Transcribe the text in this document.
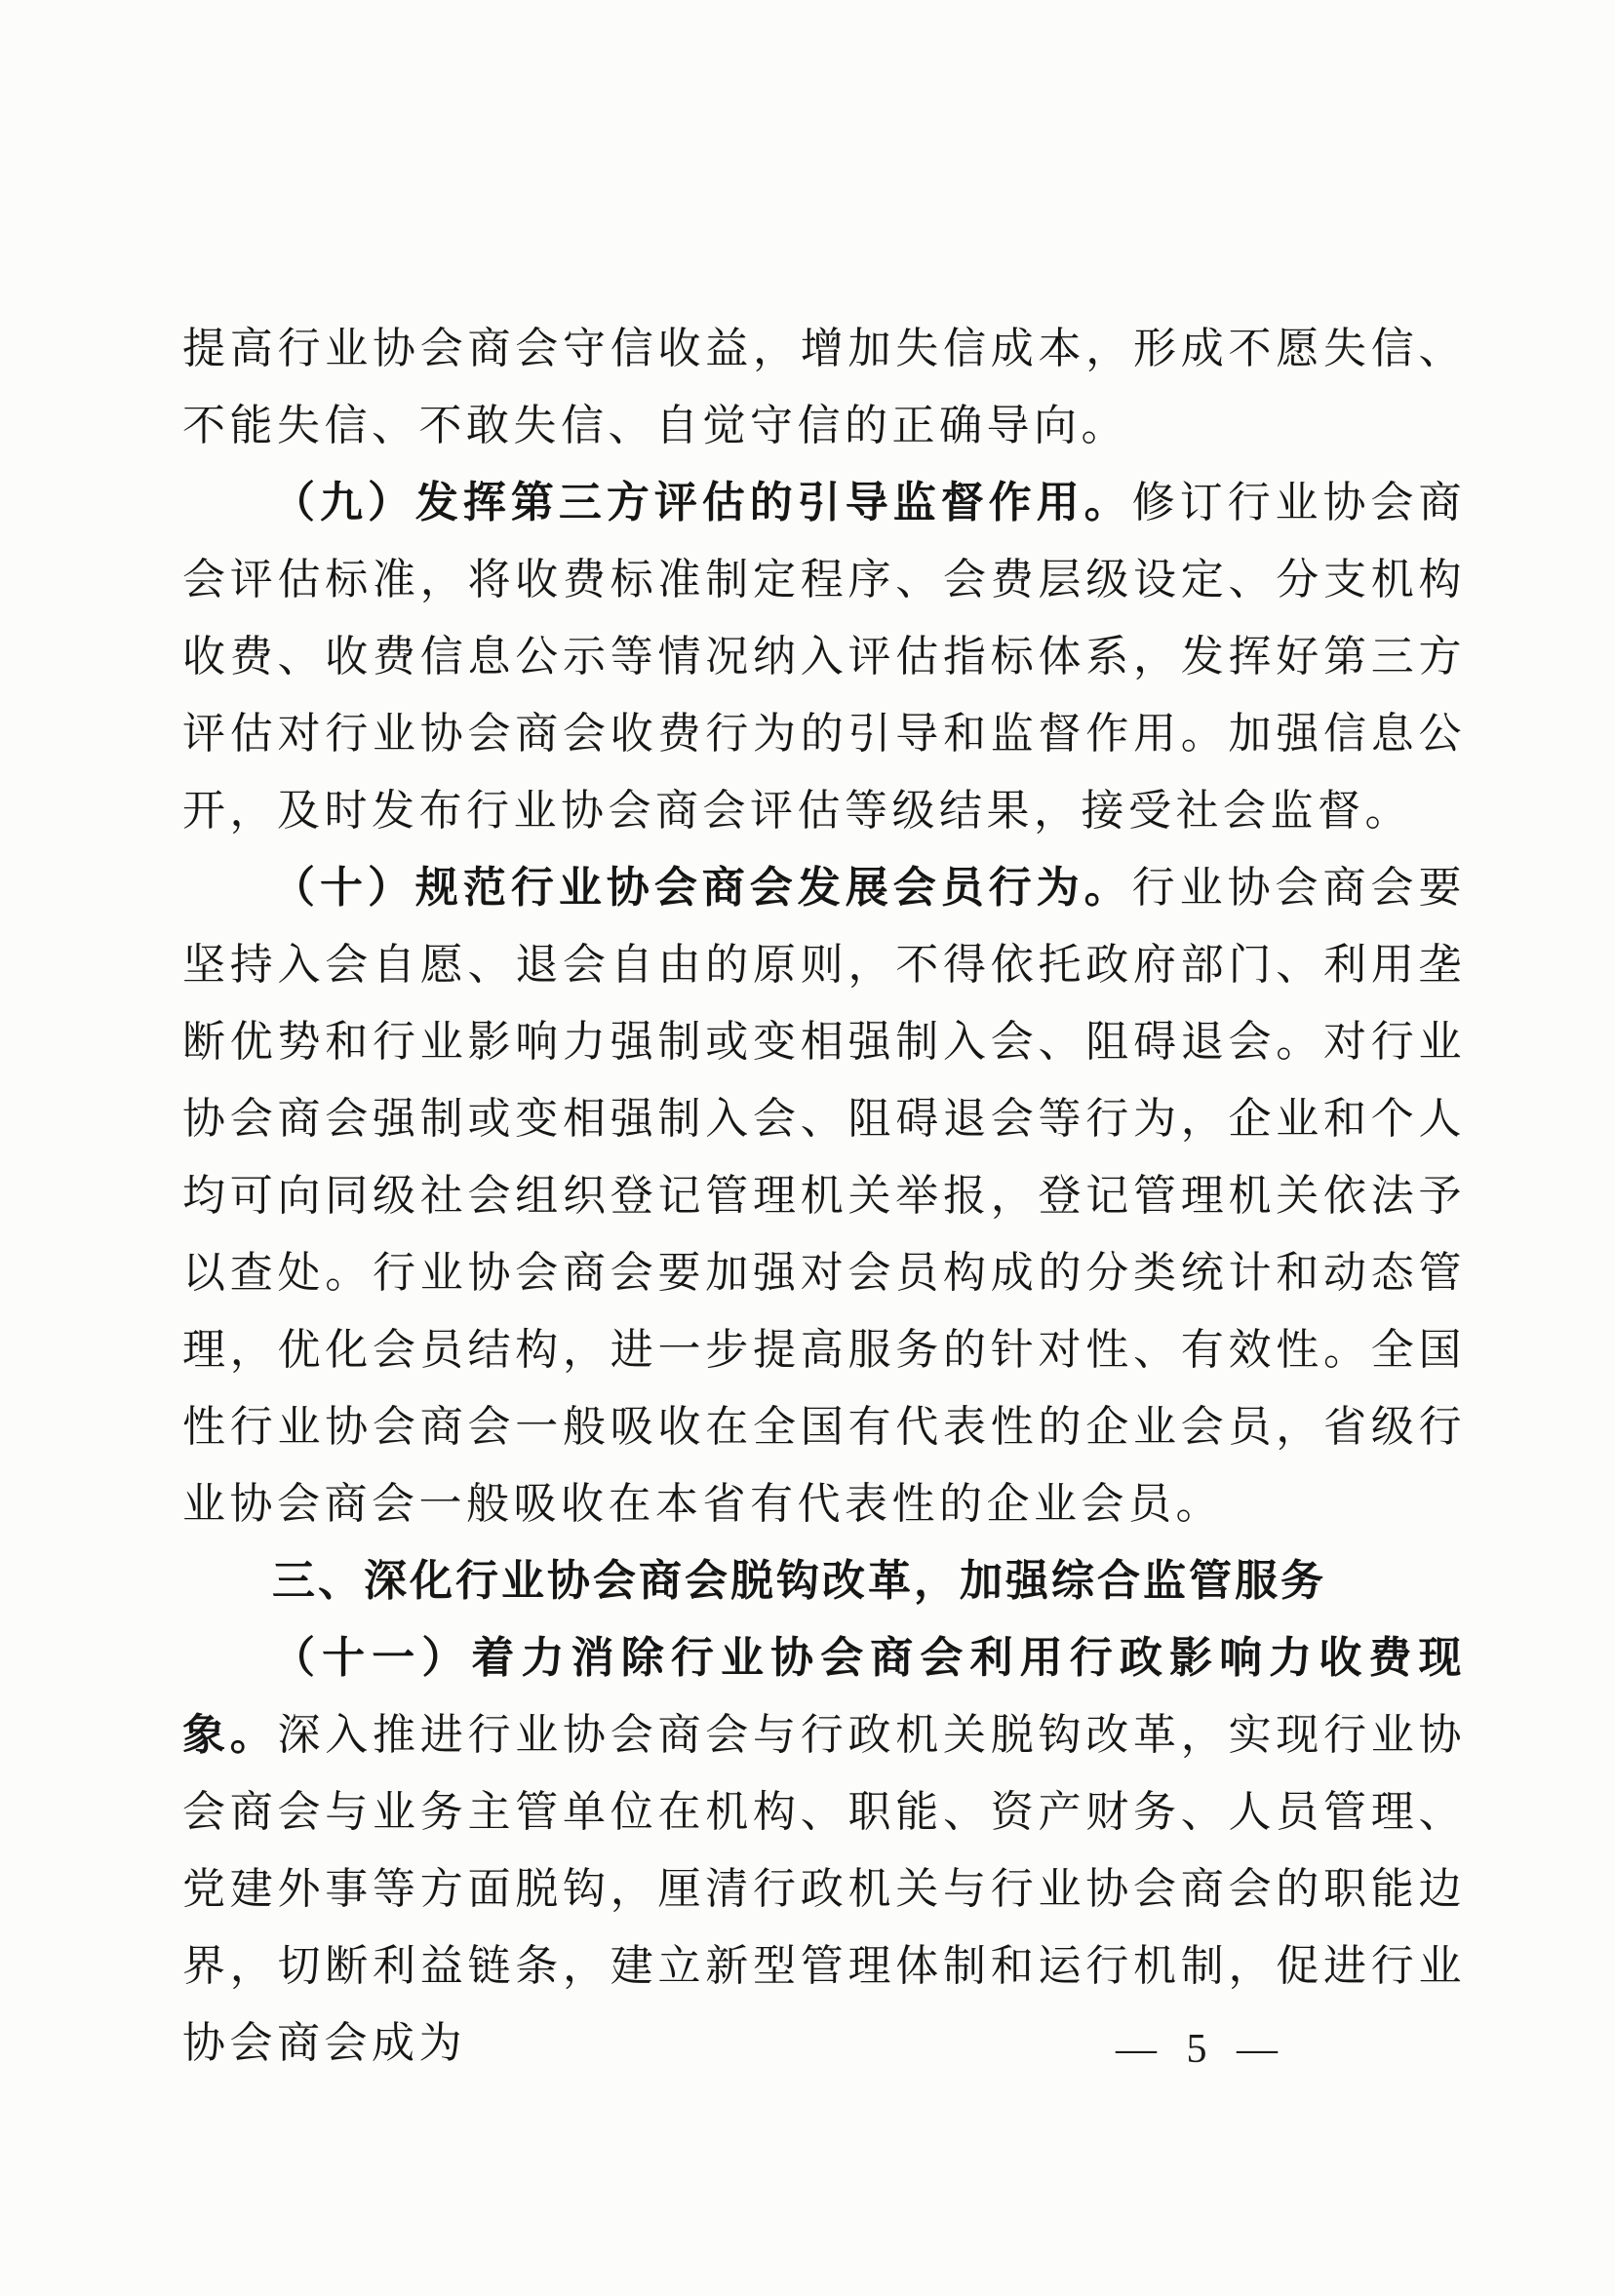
提高行业协会商会守信收益，增加失信成本，形成不愿失信、不能失信、不敢失信、自觉守信的正确导向。

（九）发挥第三方评估的引导监督作用。修订行业协会商会评估标准，将收费标准制定程序、会费层级设定、分支机构收费、收费信息公示等情况纳入评估指标体系，发挥好第三方评估对行业协会商会收费行为的引导和监督作用。加强信息公开，及时发布行业协会商会评估等级结果，接受社会监督。

（十）规范行业协会商会发展会员行为。行业协会商会要坚持入会自愿、退会自由的原则，不得依托政府部门、利用垄断优势和行业影响力强制或变相强制入会、阻碍退会。对行业协会商会强制或变相强制入会、阻碍退会等行为，企业和个人均可向同级社会组织登记管理机关举报，登记管理机关依法予以查处。行业协会商会要加强对会员构成的分类统计和动态管理，优化会员结构，进一步提高服务的针对性、有效性。全国性行业协会商会一般吸收在全国有代表性的企业会员，省级行业协会商会一般吸收在本省有代表性的企业会员。

三、深化行业协会商会脱钩改革，加强综合监管服务

（十一）着力消除行业协会商会利用行政影响力收费现象。深入推进行业协会商会与行政机关脱钩改革，实现行业协会商会与业务主管单位在机构、职能、资产财务、人员管理、党建外事等方面脱钩，厘清行政机关与行业协会商会的职能边界，切断利益链条，建立新型管理体制和运行机制，促进行业协会商会成为	— 5 —
